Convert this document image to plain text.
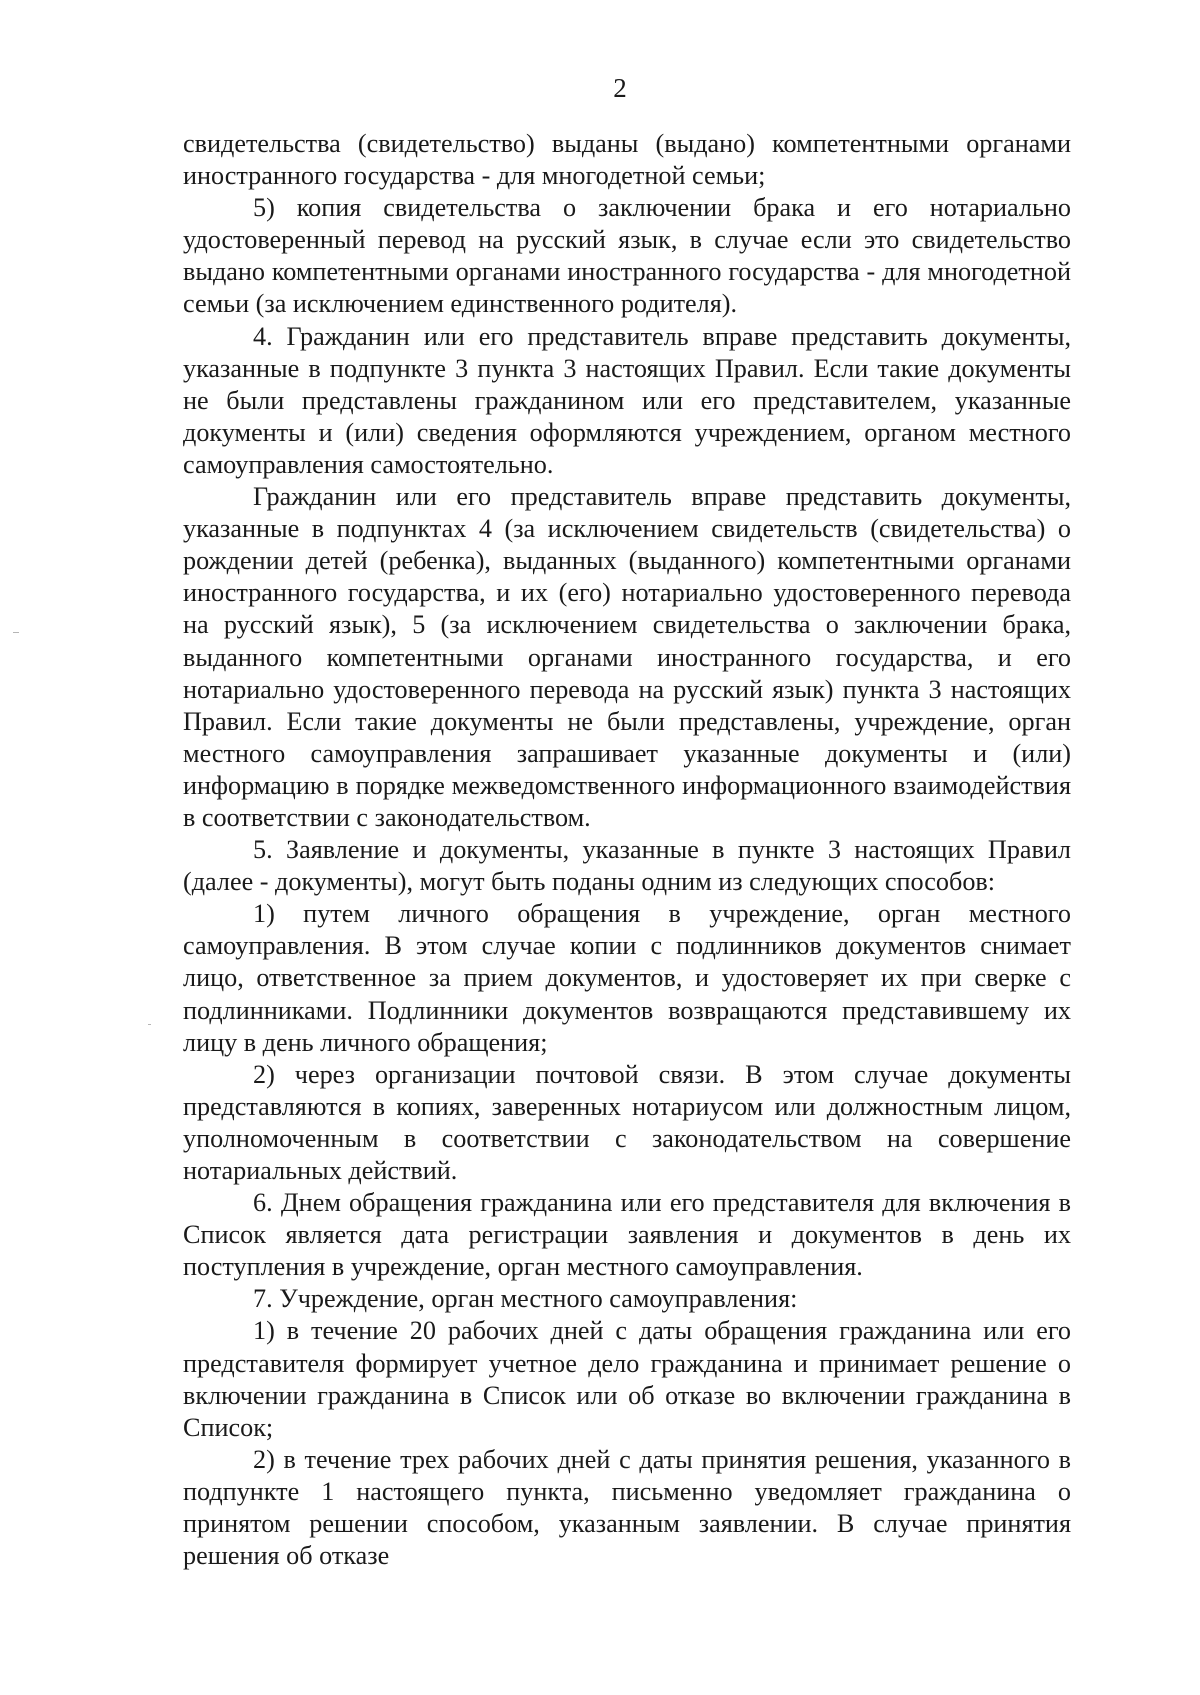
2

свидетельства (свидетельство) выданы (выдано) компетентными органами иностранного государства - для многодетной семьи;

5) копия свидетельства о заключении брака и его нотариально удостоверенный перевод на русский язык, в случае если это свидетельство выдано компетентными органами иностранного государства - для многодетной семьи (за исключением единственного родителя).

4. Гражданин или его представитель вправе представить документы, указанные в подпункте 3 пункта 3 настоящих Правил. Если такие документы не были представлены гражданином или его представителем, указанные документы и (или) сведения оформляются учреждением, органом местного самоуправления самостоятельно.

Гражданин или его представитель вправе представить документы, указанные в подпунктах 4 (за исключением свидетельств (свидетельства) о рождении детей (ребенка), выданных (выданного) компетентными органами иностранного государства, и их (его) нотариально удостоверенного перевода на русский язык), 5 (за исключением свидетельства о заключении брака, выданного компетентными органами иностранного государства, и его нотариально удостоверенного перевода на русский язык) пункта 3 настоящих Правил. Если такие документы не были представлены, учреждение, орган местного самоуправления запрашивает указанные документы и (или) информацию в порядке межведомственного информационного взаимодействия в соответствии с законодательством.

5. Заявление и документы, указанные в пункте 3 настоящих Правил (далее - документы), могут быть поданы одним из следующих способов:

1) путем личного обращения в учреждение, орган местного самоуправления. В этом случае копии с подлинников документов снимает лицо, ответственное за прием документов, и удостоверяет их при сверке с подлинниками. Подлинники документов возвращаются представившему их лицу в день личного обращения;

2) через организации почтовой связи. В этом случае документы представляются в копиях, заверенных нотариусом или должностным лицом, уполномоченным в соответствии с законодательством на совершение нотариальных действий.

6. Днем обращения гражданина или его представителя для включения в Список является дата регистрации заявления и документов в день их поступления в учреждение, орган местного самоуправления.

7. Учреждение, орган местного самоуправления:

1) в течение 20 рабочих дней с даты обращения гражданина или его представителя формирует учетное дело гражданина и принимает решение о включении гражданина в Список или об отказе во включении гражданина в Список;

2) в течение трех рабочих дней с даты принятия решения, указанного в подпункте 1 настоящего пункта, письменно уведомляет гражданина о принятом решении способом, указанным заявлении. В случае принятия решения об отказе
